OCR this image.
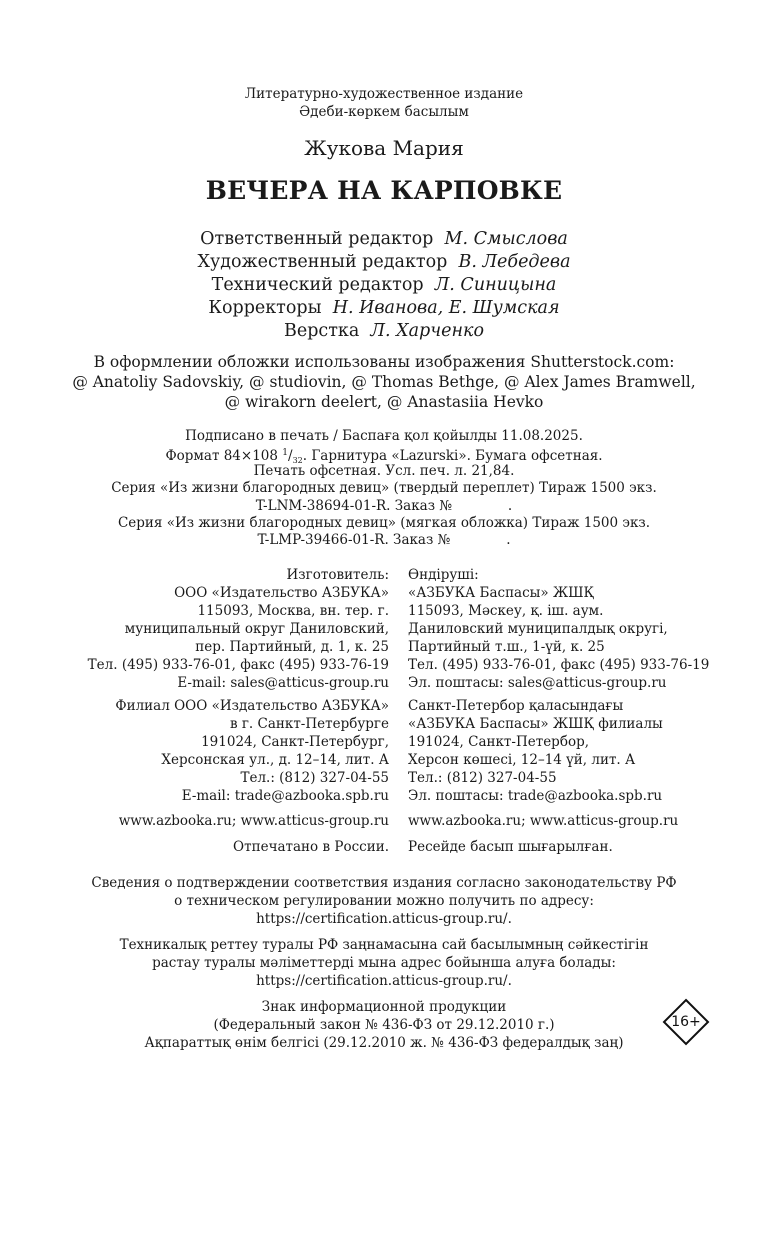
Литературно-художественное издание
Әдеби-көркем басылым
Жукова Мария
ВЕЧЕРА НА КАРПОВКЕ
Ответственный редактор М. Смыслова
Художественный редактор В. Лебедева
Технический редактор Л. Синицына
Корректоры Н. Иванова, Е. Шумская
Верстка Л. Харченко
В оформлении обложки использованы изображения Shutterstock.com:
@ Anatoliy Sadovskiy, @ studiovin, @ Thomas Bethge, @ Alex James Bramwell,
@ wirakorn deelert, @ Anastasiia Hevko
Подписано в печать / Баспаға қол қойылды 11.08.2025.
Формат 84×108 $^1/_{32}$. Гарнитура «Lazurski». Бумага офсетная.
Печать офсетная. Усл. печ. л. 21,84.
Серия «Из жизни благородных девиц» (твердый переплет) Тираж 1500 экз.
T-LNM-38694-01-R. Заказ №             .
Серия «Из жизни благородных девиц» (мягкая обложка) Тираж 1500 экз.
T-LMP-39466-01-R. Заказ №             .
Изготовитель: Өндіруші:
ООО «Издательство АЗБУКА» «АЗБУКА Баспасы» ЖШҚ
115093, Москва, вн. тер. г. 115093, Мәскеу, қ. іш. аум.
муниципальный округ Даниловский, Даниловский муниципалдық округі,
пер. Партийный, д. 1, к. 25 Партийный т.ш., 1-үй, к. 25
Тел. (495) 933-76-01, факс (495) 933-76-19 Тел. (495) 933-76-01, факс (495) 933-76-19
E-mail: sales@atticus-group.ru Эл. поштасы: sales@atticus-group.ru
Филиал ООО «Издательство АЗБУКА» Санкт-Петербор қаласындағы
в г. Санкт-Петербурге «АЗБУКА Баспасы» ЖШҚ филиалы
191024, Санкт-Петербург, 191024, Санкт-Петербор,
Херсонская ул., д. 12–14, лит. А Херсон көшесі, 12–14 үй, лит. А
Тел.: (812) 327-04-55 Тел.: (812) 327-04-55
E-mail: trade@azbooka.spb.ru Эл. поштасы: trade@azbooka.spb.ru
www.azbooka.ru; www.atticus-group.ru www.azbooka.ru; www.atticus-group.ru
Отпечатано в России. Ресейде басып шығарылған.
Сведения о подтверждении соответствия издания согласно законодательству РФ
о техническом регулировании можно получить по адресу:
https://certification.atticus-group.ru/.
Техникалық реттеу туралы РФ заңнамасына сай басылымның сәйкестігін
растау туралы мәліметтерді мына адрес бойынша алуға болады:
https://certification.atticus-group.ru/.
Знак информационной продукции
(Федеральный закон № 436-ФЗ от 29.12.2010 г.)
Ақпараттық өнім белгісі (29.12.2010 ж. № 436-ФЗ федералдық заң)
16+
